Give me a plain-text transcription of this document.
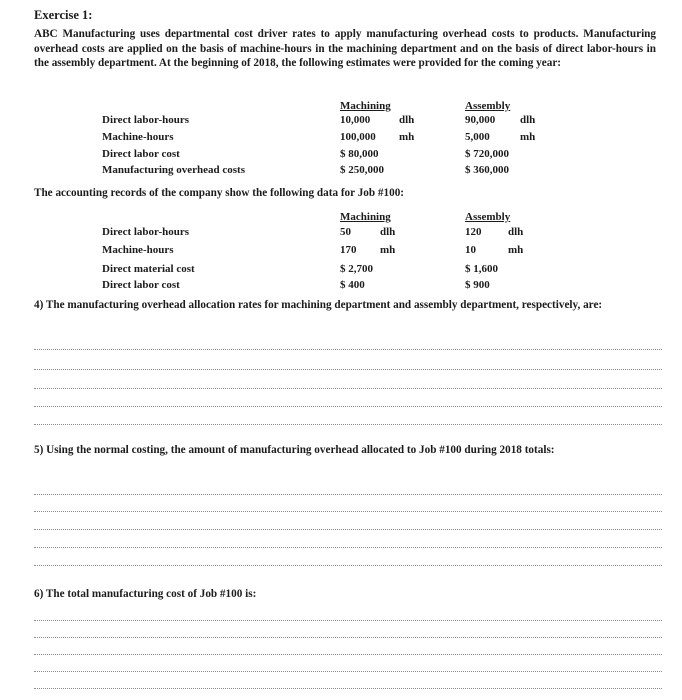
Exercise 1:
ABC Manufacturing uses departmental cost driver rates to apply manufacturing overhead costs to products. Manufacturing overhead costs are applied on the basis of machine-hours in the machining department and on the basis of direct labor-hours in the assembly department. At the beginning of 2018, the following estimates were provided for the coming year:
Machining	Assembly
Direct labor-hours	10,000	dlh	90,000 dlh
Machine-hours	100,000 mh	5,000	mh
Direct labor cost	$ 80,000	$ 720,000
Manufacturing overhead costs	$ 250,000	$ 360,000
The accounting records of the company show the following data for Job #100:
Machining	Assembly
Direct labor-hours	50	dlh	120 dlh
Machine-hours	170 mh	10	mh
Direct material cost	$ 2,700	$ 1,600
Direct labor cost	$ 400	$ 900
4) The manufacturing overhead allocation rates for machining department and assembly department, respectively, are:
5) Using the normal costing, the amount of manufacturing overhead allocated to Job #100 during 2018 totals:
6) The total manufacturing cost of Job #100 is:
